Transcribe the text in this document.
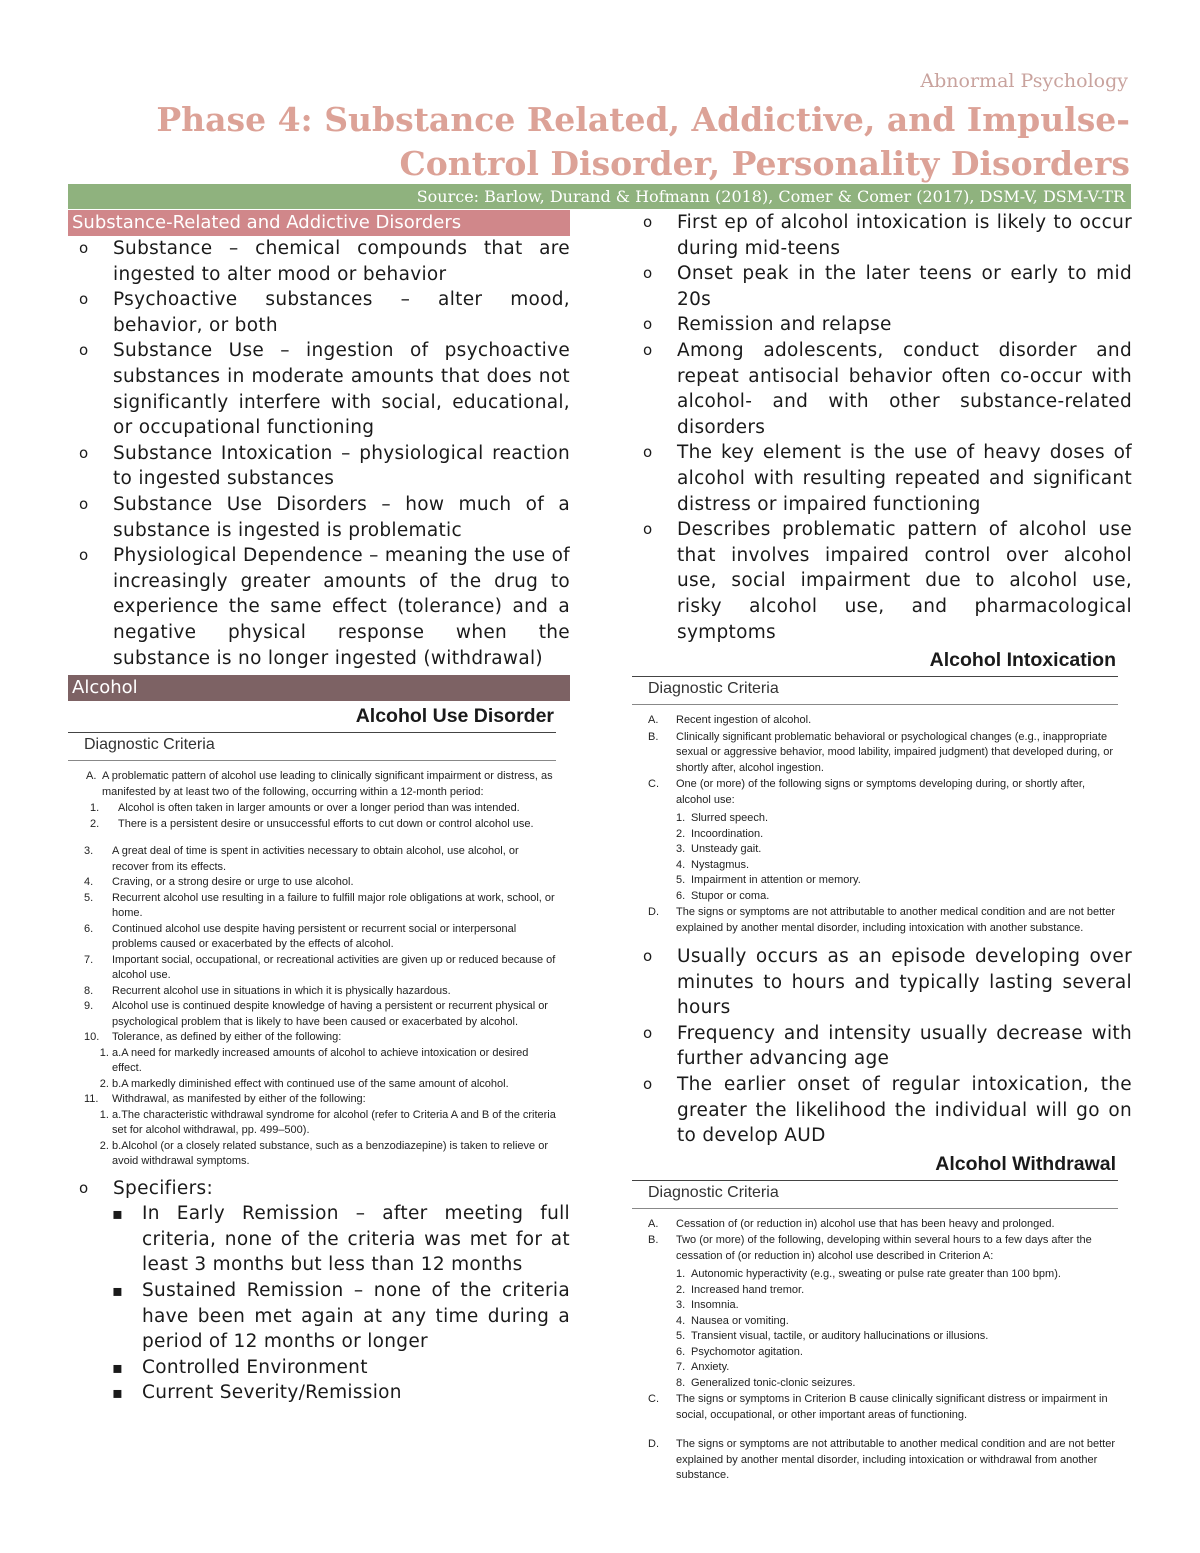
Abnormal Psychology
Phase 4: Substance Related, Addictive, and Impulse-Control Disorder, Personality Disorders
Source: Barlow, Durand & Hofmann (2018), Comer & Comer (2017), DSM-V, DSM-V-TR
Substance-Related and Addictive Disorders
o Substance – chemical compounds that are ingested to alter mood or behavior
o Psychoactive substances – alter mood, behavior, or both
o Substance Use – ingestion of psychoactive substances in moderate amounts that does not significantly interfere with social, educational, or occupational functioning
o Substance Intoxication – physiological reaction to ingested substances
o Substance Use Disorders – how much of a substance is ingested is problematic
o Physiological Dependence – meaning the use of increasingly greater amounts of the drug to experience the same effect (tolerance) and a negative physical response when the substance is no longer ingested (withdrawal)
Alcohol
Alcohol Use Disorder
Diagnostic Criteria
A. A problematic pattern of alcohol use leading to clinically significant impairment or distress, as manifested by at least two of the following, occurring within a 12-month period:
1.	Alcohol is often taken in larger amounts or over a longer period than was intended.
2.	There is a persistent desire or unsuccessful efforts to cut down or control alcohol use.
3.	A great deal of time is spent in activities necessary to obtain alcohol, use alcohol, or recover from its effects.
4.	Craving, or a strong desire or urge to use alcohol.
5.	Recurrent alcohol use resulting in a failure to fulfill major role obligations at work, school, or home.
6.	Continued alcohol use despite having persistent or recurrent social or interpersonal problems caused or exacerbated by the effects of alcohol.
7.	Important social, occupational, or recreational activities are given up or reduced because of alcohol use.
8.	Recurrent alcohol use in situations in which it is physically hazardous.
9.	Alcohol use is continued despite knowledge of having a persistent or recurrent physical or psychological problem that is likely to have been caused or exacerbated by alcohol.
10.	Tolerance, as defined by either of the following:
1. a.A need for markedly increased amounts of alcohol to achieve intoxication or desired effect.
2. b.A markedly diminished effect with continued use of the same amount of alcohol.
11.	Withdrawal, as manifested by either of the following:
1. a.The characteristic withdrawal syndrome for alcohol (refer to Criteria A and B of the criteria set for alcohol withdrawal, pp. 499–500).
2. b.Alcohol (or a closely related substance, such as a benzodiazepine) is taken to relieve or avoid withdrawal symptoms.
o Specifiers:
▪ In Early Remission – after meeting full criteria, none of the criteria was met for at least 3 months but less than 12 months
▪ Sustained Remission – none of the criteria have been met again at any time during a period of 12 months or longer
▪ Controlled Environment
▪ Current Severity/Remission
o First ep of alcohol intoxication is likely to occur during mid-teens
o Onset peak in the later teens or early to mid 20s
o Remission and relapse
o Among adolescents, conduct disorder and repeat antisocial behavior often co-occur with alcohol- and with other substance-related disorders
o The key element is the use of heavy doses of alcohol with resulting repeated and significant distress or impaired functioning
o Describes problematic pattern of alcohol use that involves impaired control over alcohol use, social impairment due to alcohol use, risky alcohol use, and pharmacological symptoms
Alcohol Intoxication
Diagnostic Criteria
A.	Recent ingestion of alcohol.
B.	Clinically significant problematic behavioral or psychological changes (e.g., inappropriate sexual or aggressive behavior, mood lability, impaired judgment) that developed during, or shortly after, alcohol ingestion.
C.	One (or more) of the following signs or symptoms developing during, or shortly after, alcohol use:
1. Slurred speech.
2. Incoordination.
3. Unsteady gait.
4. Nystagmus.
5. Impairment in attention or memory.
6. Stupor or coma.
D.	The signs or symptoms are not attributable to another medical condition and are not better explained by another mental disorder, including intoxication with another substance.
o Usually occurs as an episode developing over minutes to hours and typically lasting several hours
o Frequency and intensity usually decrease with further advancing age
o The earlier onset of regular intoxication, the greater the likelihood the individual will go on to develop AUD
Alcohol Withdrawal
Diagnostic Criteria
A.	Cessation of (or reduction in) alcohol use that has been heavy and prolonged.
B.	Two (or more) of the following, developing within several hours to a few days after the cessation of (or reduction in) alcohol use described in Criterion A:
1. Autonomic hyperactivity (e.g., sweating or pulse rate greater than 100 bpm).
2. Increased hand tremor.
3. Insomnia.
4. Nausea or vomiting.
5. Transient visual, tactile, or auditory hallucinations or illusions.
6. Psychomotor agitation.
7. Anxiety.
8. Generalized tonic-clonic seizures.
C.	The signs or symptoms in Criterion B cause clinically significant distress or impairment in social, occupational, or other important areas of functioning.
D.	The signs or symptoms are not attributable to another medical condition and are not better explained by another mental disorder, including intoxication or withdrawal from another substance.
